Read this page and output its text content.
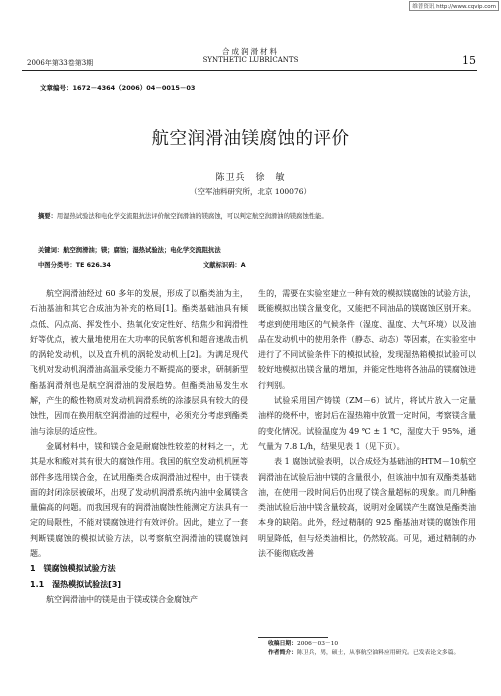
维普资讯 http://www.cqvip.com
合成润滑材料
2006年第33卷第3期	SYNTHETIC LUBRICANTS	15
文章编号：1672－4364（2006）04－0015－03
航空润滑油镁腐蚀的评价
陈卫兵　徐　敏
（空军油料研究所，北京 100076）
摘要：用湿热试验法和电化学交流阻抗法评价航空润滑油的镁腐蚀，可以判定航空润滑油的镁腐蚀性能。
关键词：航空润滑油；镁；腐蚀；湿热试验法；电化学交流阻抗法
中图分类号：TE 626.34	文献标识码：A

航空润滑油经过 60 多年的发展，形成了以酯类油为主，石油基油和其它合成油为补充的格局[1]。酯类基础油具有倾点低、闪点高、挥发性小、热氧化安定性好、结焦少和润滑性好等优点，被大量地使用在大功率的民航客机和超音速战击机的涡轮发动机，以及直升机的涡轮发动机上[2]。为满足现代飞机对发动机润滑油高温承受能力不断提高的要求，研制新型酯基润滑剂也是航空润滑油的发展趋势。但酯类油易发生水解，产生的酸性物质对发动机润滑系统的涂漆层具有较大的侵蚀性，因而在换用航空润滑油的过程中，必须充分考虑到酯类油与涂层的适应性。

金属材料中，镁和镁合金是耐腐蚀性较差的材料之一，尤其是水和酸对其有很大的腐蚀作用。我国的航空发动机机匣等部件多选用镁合金，在试用酯类合成润滑油过程中，由于镁表面的封闭涂层被破坏，出现了发动机润滑系统内油中金属镁含量偏高的问题。而我国现有的润滑油腐蚀性能测定方法具有一定的局限性，不能对镁腐蚀进行有效评价。因此，建立了一套判断镁腐蚀的模拟试验方法，以考察航空润滑油的镁腐蚀问题。

1　镁腐蚀模拟试验方法

1.1　湿热模拟试验法[3]

航空润滑油中的镁是由于镁或镁合金腐蚀产

生的，需要在实验室建立一种有效的模拟镁腐蚀的试验方法，既能模拟出镁含量变化，又能把不同油品的镁腐蚀区别开来。考虑到使用地区的气候条件（湿度、温度、大气环境）以及油品在发动机中的使用条件（静态、动态）等因素，在实验室中进行了不同试验条件下的模拟试验，发现湿热箱模拟试验可以较好地模拟出镁含量的增加，并能定性地将各油品的镁腐蚀进行判别。

试验采用国产铸镁（ZM－6）试片，将试片放入一定量油样的烧杯中，密封后在湿热箱中放置一定时间，考察镁含量的变化情况。试验温度为 49 ℃ ± 1 ℃，湿度大于 95%，通气量为 7.8 L/h，结果见表 1（见下页）。

表 1 腐蚀试验表明，以合成烃为基础油的HTM－10航空润滑油在试验后油中镁的含量很小，但该油中加有双酯类基础油，在使用一段时间后仍出现了镁含量超标的现象。而几种酯类油试验后油中镁含量较高，说明对金属镁产生腐蚀是酯类油本身的缺陷。此外，经过精制的 925 酯基油对镁的腐蚀作用明显降低，但与烃类油相比，仍然较高。可见，通过精制的办法不能彻底改善

收稿日期：2006－03－10
作者简介：陈卫兵，男，硕士，从事航空油料应用研究。已发表论文多篇。
